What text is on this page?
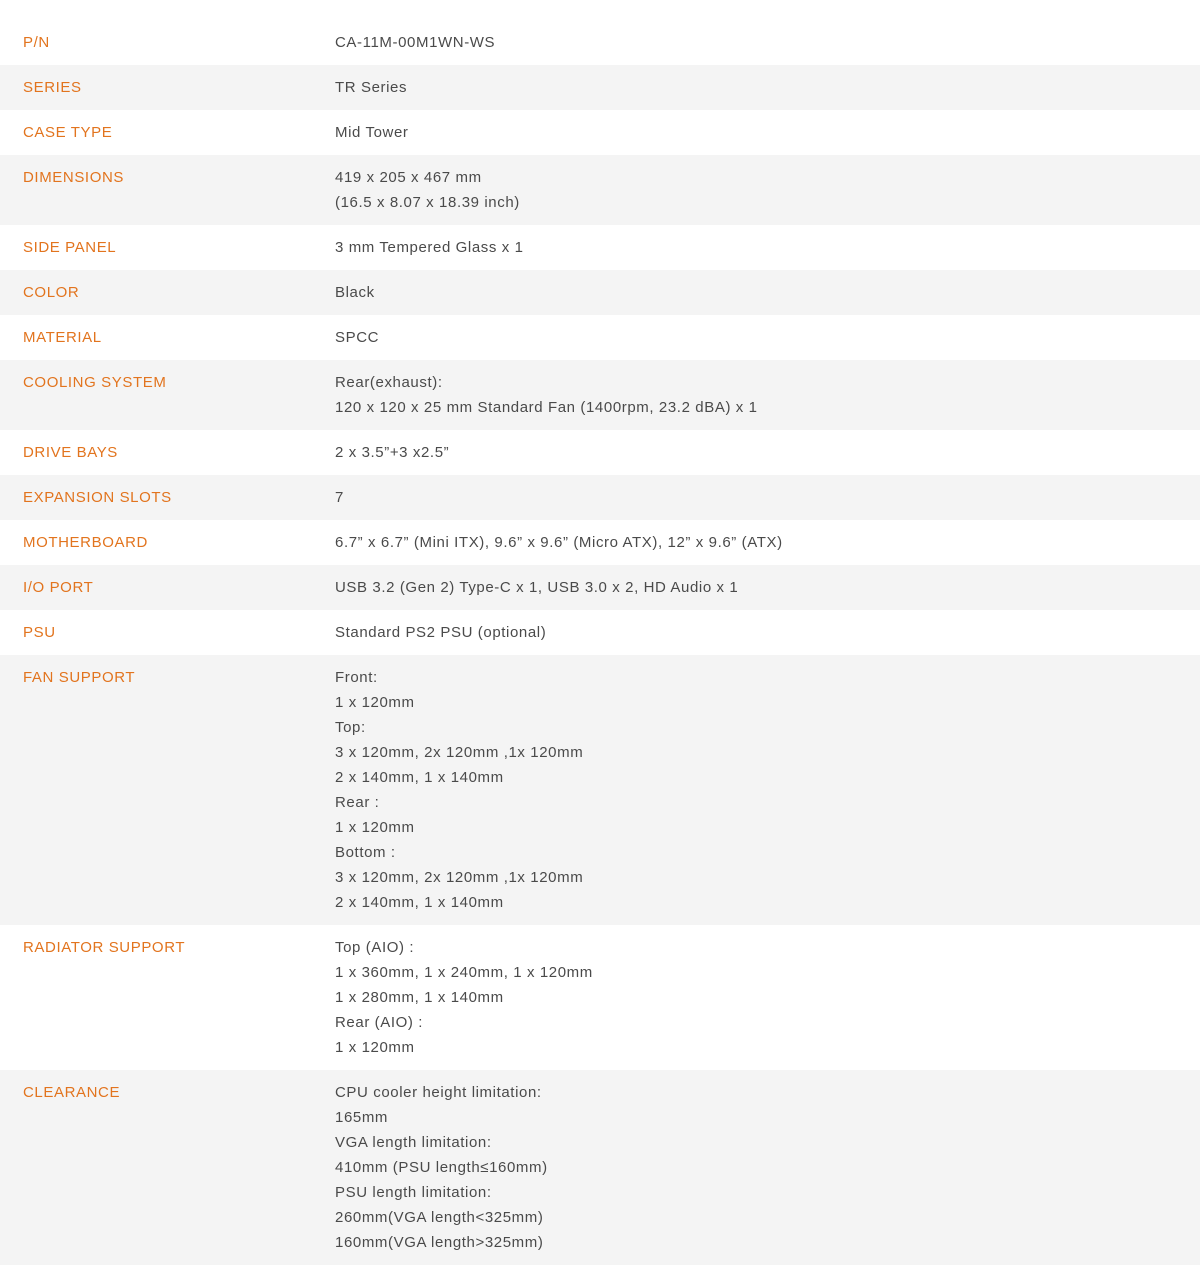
P/N	CA-11M-00M1WN-WS
SERIES	TR Series
CASE TYPE	Mid Tower
DIMENSIONS	419 x 205 x 467 mm
(16.5 x 8.07 x 18.39 inch)
SIDE PANEL	3 mm Tempered Glass x 1
COLOR	Black
MATERIAL	SPCC
COOLING SYSTEM	Rear(exhaust):
120 x 120 x 25 mm Standard Fan (1400rpm, 23.2 dBA) x 1
DRIVE BAYS	2 x 3.5”+3 x2.5”
EXPANSION SLOTS	7
MOTHERBOARD	6.7” x 6.7” (Mini ITX), 9.6” x 9.6” (Micro ATX), 12” x 9.6” (ATX)
I/O PORT	USB 3.2 (Gen 2) Type-C x 1, USB 3.0 x 2, HD Audio x 1
PSU	Standard PS2 PSU (optional)
FAN SUPPORT	Front:
1 x 120mm
Top:
3 x 120mm, 2x 120mm ,1x 120mm
2 x 140mm, 1 x 140mm
Rear :
1 x 120mm
Bottom :
3 x 120mm, 2x 120mm ,1x 120mm
2 x 140mm, 1 x 140mm
RADIATOR SUPPORT	Top (AIO) :
1 x 360mm, 1 x 240mm, 1 x 120mm
1 x 280mm, 1 x 140mm
Rear (AIO) :
1 x 120mm
CLEARANCE	CPU cooler height limitation:
165mm
VGA length limitation:
410mm (PSU length≤160mm)
PSU length limitation:
260mm(VGA length<325mm)
160mm(VGA length>325mm)
